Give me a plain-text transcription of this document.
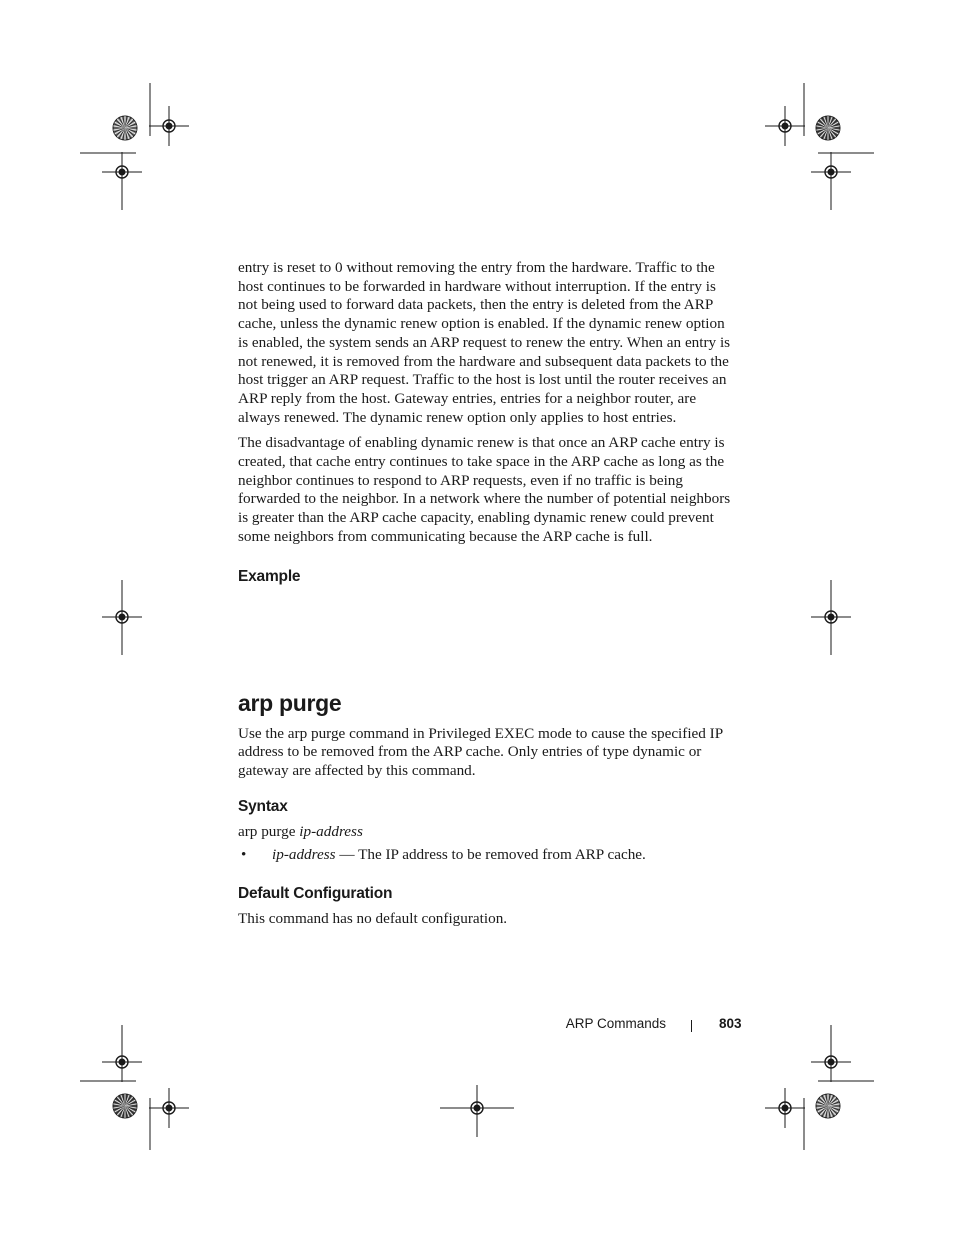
entry is reset to 0 without removing the entry from the hardware. Traffic to the host continues to be forwarded in hardware without interruption. If the entry is not being used to forward data packets, then the entry is deleted from the ARP cache, unless the dynamic renew option is enabled. If the dynamic renew option is enabled, the system sends an ARP request to renew the entry. When an entry is not renewed, it is removed from the hardware and subsequent data packets to the host trigger an ARP request. Traffic to the host is lost until the router receives an ARP reply from the host. Gateway entries, entries for a neighbor router, are always renewed. The dynamic renew option only applies to host entries.

The disadvantage of enabling dynamic renew is that once an ARP cache entry is created, that cache entry continues to take space in the ARP cache as long as the neighbor continues to respond to ARP requests, even if no traffic is being forwarded to the neighbor. In a network where the number of potential neighbors is greater than the ARP cache capacity, enabling dynamic renew could prevent some neighbors from communicating because the ARP cache is full.

Example
arp purge

Use the arp purge command in Privileged EXEC mode to cause the specified IP address to be removed from the ARP cache. Only entries of type dynamic or gateway are affected by this command.

Syntax
arp purge ip-address
• ip-address — The IP address to be removed from ARP cache.
Default Configuration

This command has no default configuration.

ARP Commands	803
